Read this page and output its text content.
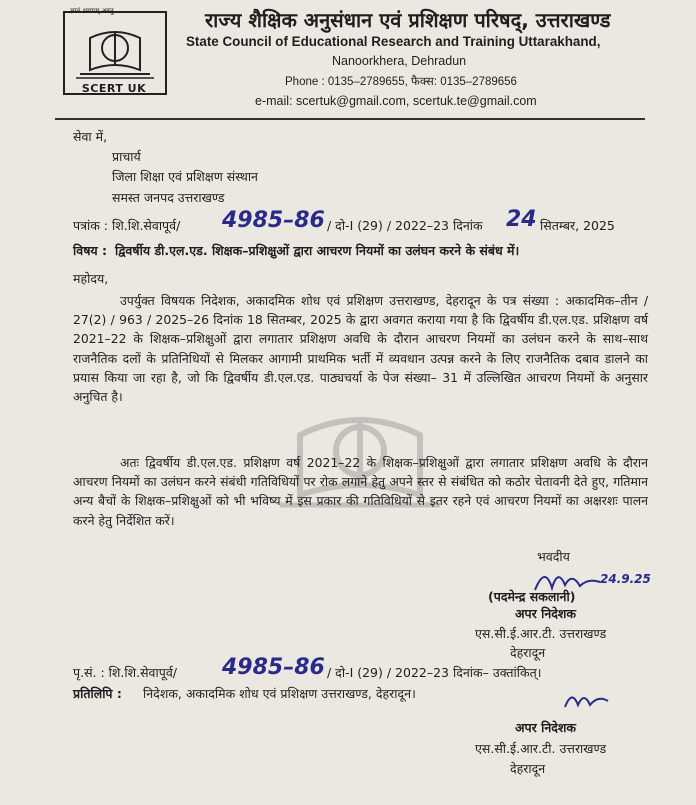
ज्ञानं शरणम् अस्तु
SCERT UK
राज्य शैक्षिक अनुसंधान एवं प्रशिक्षण परिषद्, उत्तराखण्ड
State Council of Educational Research and Training Uttarakhand,
Nanoorkhera, Dehradun
Phone : 0135–2789655, फैक्स: 0135–2789656
e-mail: scertuk@gmail.com, scertuk.te@gmail.com
सेवा में,
प्राचार्य
जिला शिक्षा एवं प्रशिक्षण संस्थान
समस्त जनपद उत्तराखण्ड
पत्रांक : शि.शि.सेवापूर्व/ 4985–86 / दो-I (29) / 2022–23 दिनांक 24 सितम्बर, 2025
विषय : द्विवर्षीय डी.एल.एड. शिक्षक–प्रशिक्षुओं द्वारा आचरण नियमों का उलंघन करने के संबंध में।
महोदय,
उपर्युक्त विषयक निदेशक, अकादमिक शोध एवं प्रशिक्षण उत्तराखण्ड, देहरादून के पत्र संख्या : अकादमिक–तीन / 27(2) / 963 / 2025–26 दिनांक 18 सितम्बर, 2025 के द्वारा अवगत कराया गया है कि द्विवर्षीय डी.एल.एड. प्रशिक्षण वर्ष 2021–22 के शिक्षक–प्रशिक्षुओं द्वारा लगातार प्रशिक्षण अवधि के दौरान आचरण नियमों का उलंघन करने के साथ–साथ राजनैतिक दलों के प्रतिनिधियों से मिलकर आगामी प्राथमिक भर्ती में व्यवधान उत्पन्न करने के लिए राजनैतिक दबाव डालने का प्रयास किया जा रहा है, जो कि द्विवर्षीय डी.एल.एड. पाठ्यचर्या के पेज संख्या– 31 में उल्लिखित आचरण नियमों के अनुसार अनुचित है।
अतः द्विवर्षीय डी.एल.एड. प्रशिक्षण वर्ष 2021–22 के शिक्षक–प्रशिक्षुओं द्वारा लगातार प्रशिक्षण अवधि के दौरान आचरण नियमों का उलंघन करने संबंधी गतिविधियों पर रोक लगाने हेतु अपने स्तर से संबंधित को कठोर चेतावनी देते हुए, गतिमान अन्य बैचों के शिक्षक–प्रशिक्षुओं को भी भविष्य में इस प्रकार की गतिविधियों से इतर रहने एवं आचरण नियमों का अक्षरशः पालन करने हेतु निर्देशित करें।
भवदीय
24.9.25
(पदमेन्द्र सकलानी)
अपर निदेशक
एस.सी.ई.आर.टी. उत्तराखण्ड
देहरादून
पृ.सं. : शि.शि.सेवापूर्व/ 4985–86 / दो-I (29) / 2022–23 दिनांक– उक्तांकित्।
प्रतिलिपि : निदेशक, अकादमिक शोध एवं प्रशिक्षण उत्तराखण्ड, देहरादून।
अपर निदेशक
एस.सी.ई.आर.टी. उत्तराखण्ड
देहरादून
